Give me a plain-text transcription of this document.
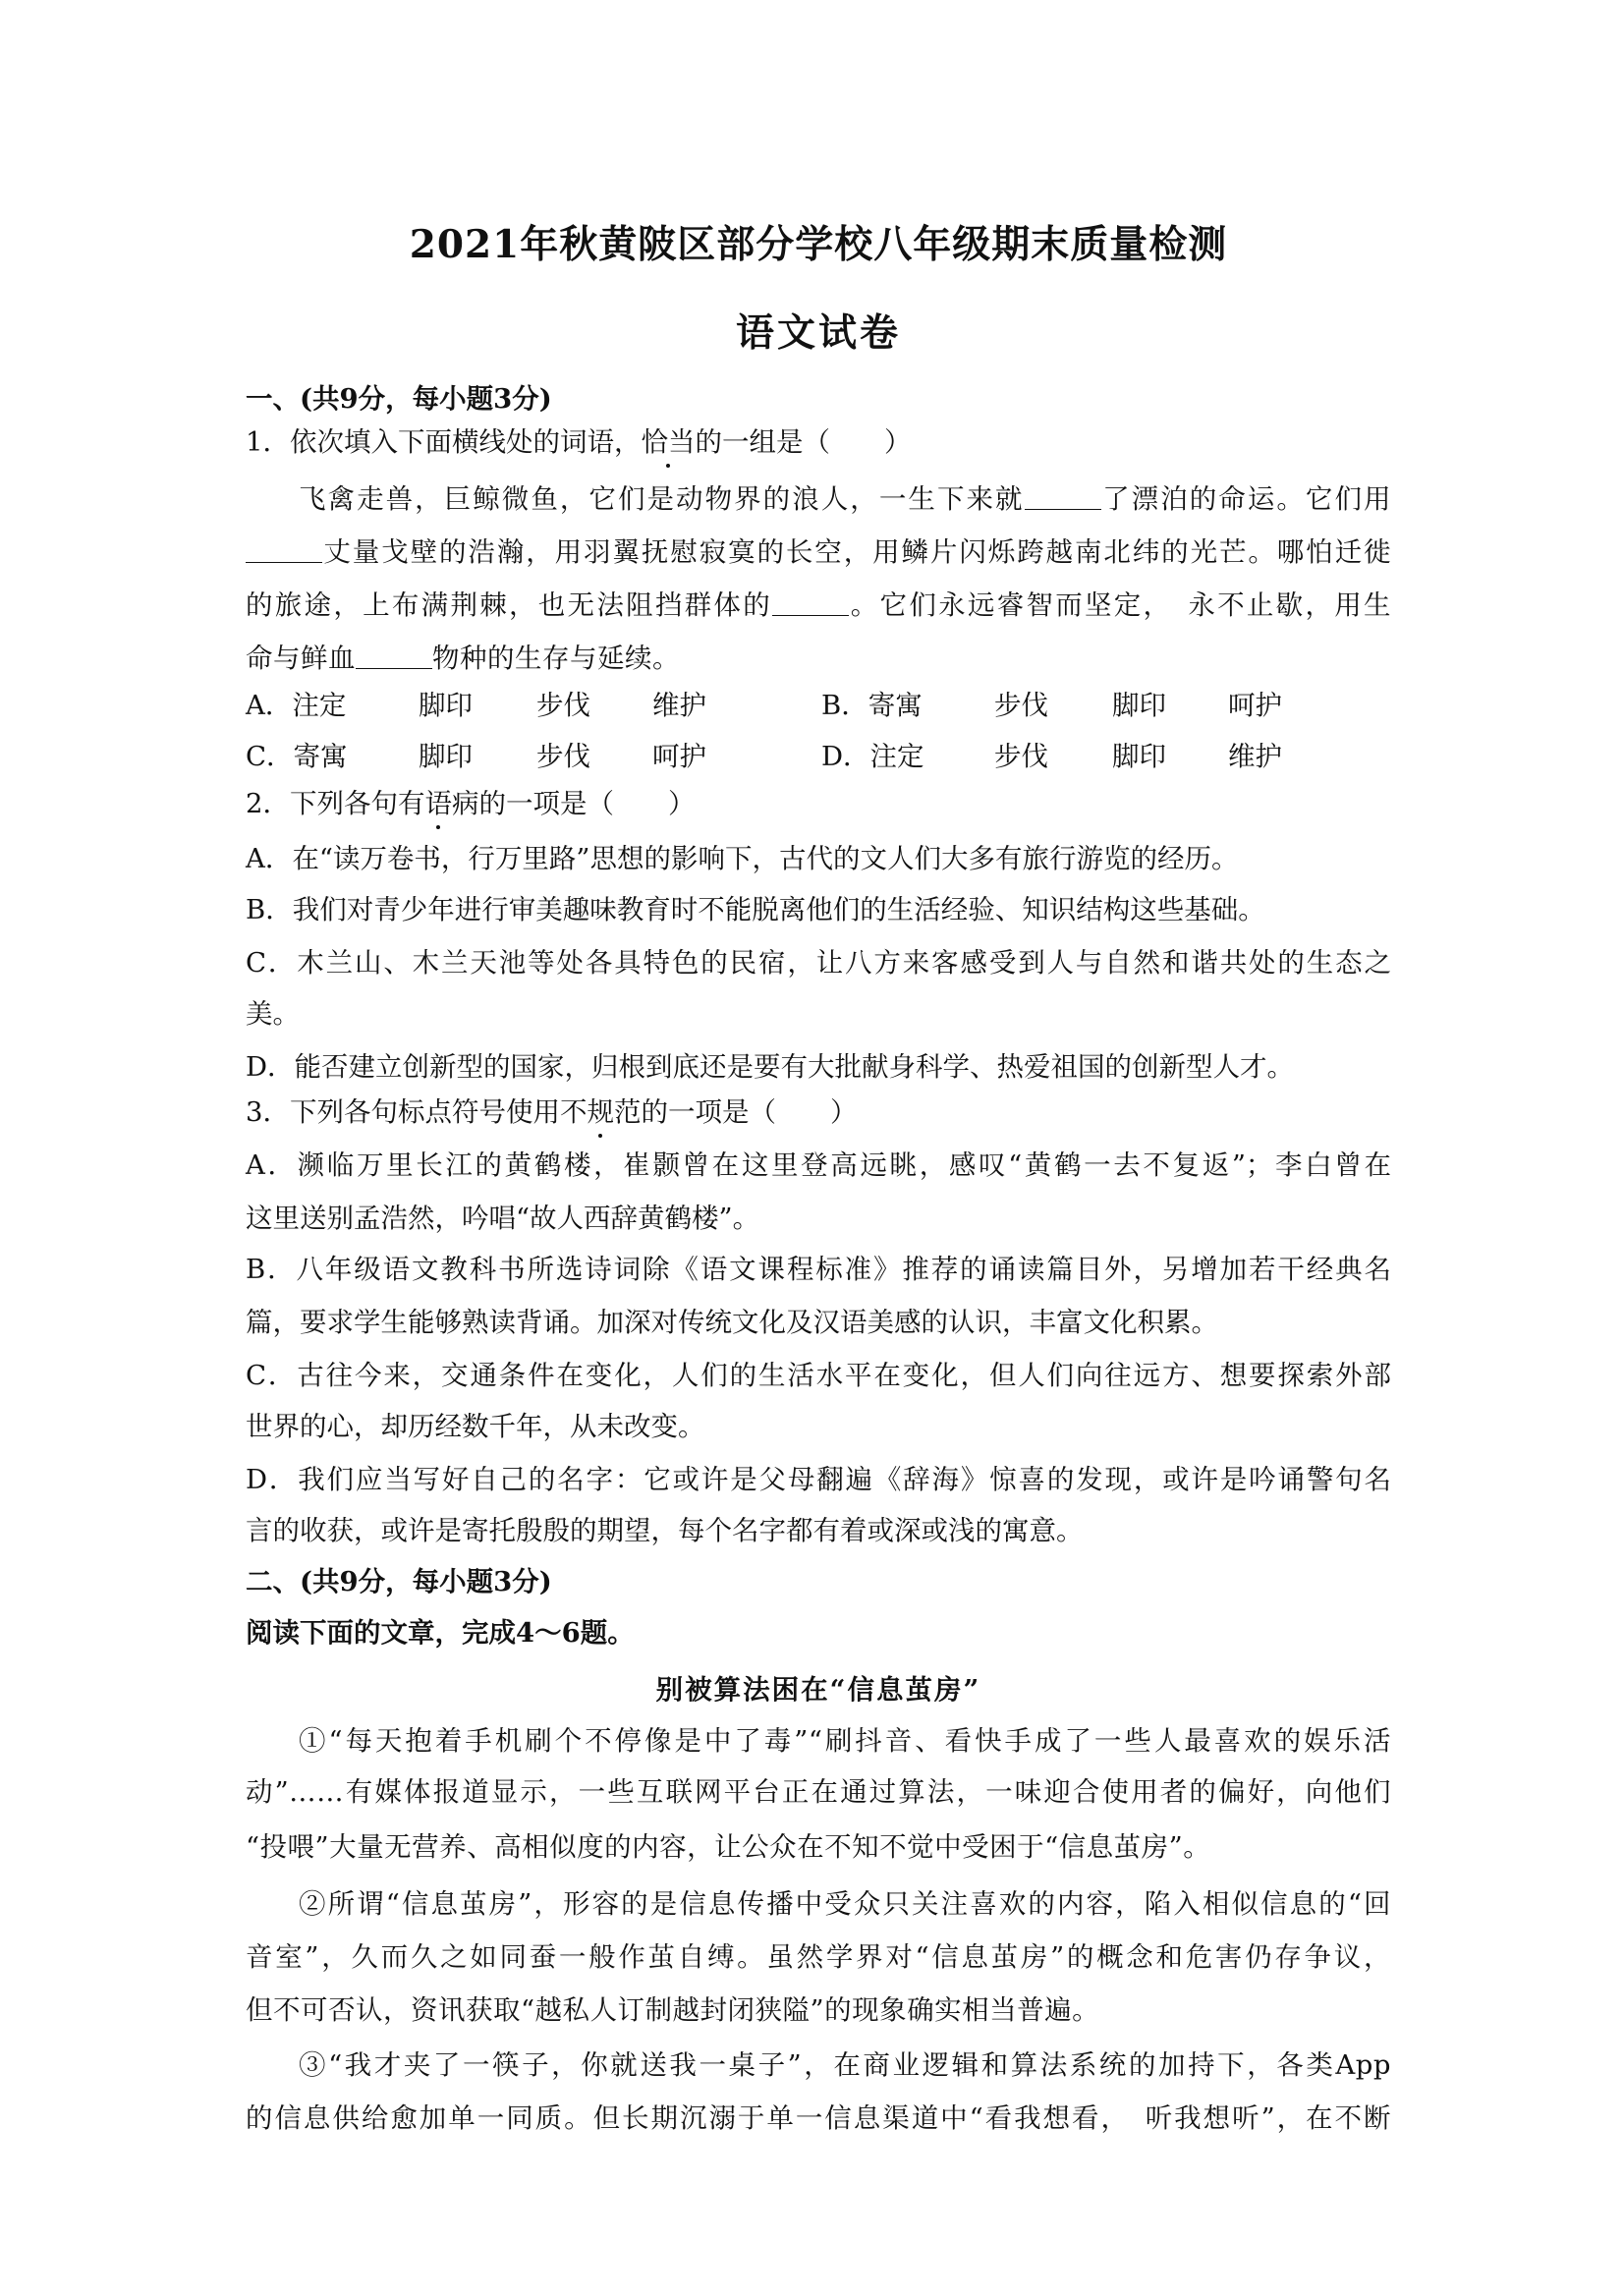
2021年秋黄陂区部分学校八年级期末质量检测
语文试卷
一、(共9分，每小题3分)
1．依次填入下面横线处的词语，恰当的一组是（　　）
飞禽走兽，巨鲸微鱼，它们是动物界的浪人，一生下来就	了漂泊的命运。它们用
丈量戈壁的浩瀚，用羽翼抚慰寂寞的长空，用鳞片闪烁跨越南北纬的光芒。哪怕迁徙
的旅途，上布满荆棘，也无法阻挡群体的	。它们永远睿智而坚定，　永不止歇，用生
命与鲜血	物种的生存与延续。
A．注定	脚印 步伐 维护	B．寄寓	步伐 脚印 呵护
C．寄寓	脚印 步伐 呵护	D．注定	步伐 脚印 维护
2．下列各句有语病的一项是（　　）
A．在“读万卷书，行万里路”思想的影响下，古代的文人们大多有旅行游览的经历。
B．我们对青少年进行审美趣味教育时不能脱离他们的生活经验、知识结构这些基础。
C．木兰山、木兰天池等处各具特色的民宿，让八方来客感受到人与自然和谐共处的生态之
美。
D．能否建立创新型的国家，归根到底还是要有大批献身科学、热爱祖国的创新型人才。
3．下列各句标点符号使用不规范的一项是（　　）
A．濒临万里长江的黄鹤楼，崔颢曾在这里登高远眺，感叹“黄鹤一去不复返”；李白曾在
这里送别孟浩然，吟唱“故人西辞黄鹤楼”。
B．八年级语文教科书所选诗词除《语文课程标准》推荐的诵读篇目外，另增加若干经典名
篇，要求学生能够熟读背诵。加深对传统文化及汉语美感的认识，丰富文化积累。
C．古往今来，交通条件在变化，人们的生活水平在变化，但人们向往远方、想要探索外部
世界的心，却历经数千年，从未改变。
D．我们应当写好自己的名字：它或许是父母翻遍《辞海》惊喜的发现，或许是吟诵警句名
言的收获，或许是寄托殷殷的期望，每个名字都有着或深或浅的寓意。
二、(共9分，每小题3分)
阅读下面的文章，完成4～6题。
别被算法困在“信息茧房”
①“每天抱着手机刷个不停像是中了毒”“刷抖音、看快手成了一些人最喜欢的娱乐活
动”……有媒体报道显示，一些互联网平台正在通过算法，一味迎合使用者的偏好，向他们
“投喂”大量无营养、高相似度的内容，让公众在不知不觉中受困于“信息茧房”。
②所谓“信息茧房”，形容的是信息传播中受众只关注喜欢的内容，陷入相似信息的“回
音室”，久而久之如同蚕一般作茧自缚。虽然学界对“信息茧房”的概念和危害仍存争议，
但不可否认，资讯获取“越私人订制越封闭狭隘”的现象确实相当普遍。
③“我才夹了一筷子，你就送我一桌子”，在商业逻辑和算法系统的加持下，各类App
的信息供给愈加单一同质。但长期沉溺于单一信息渠道中“看我想看，　听我想听”，在不断
